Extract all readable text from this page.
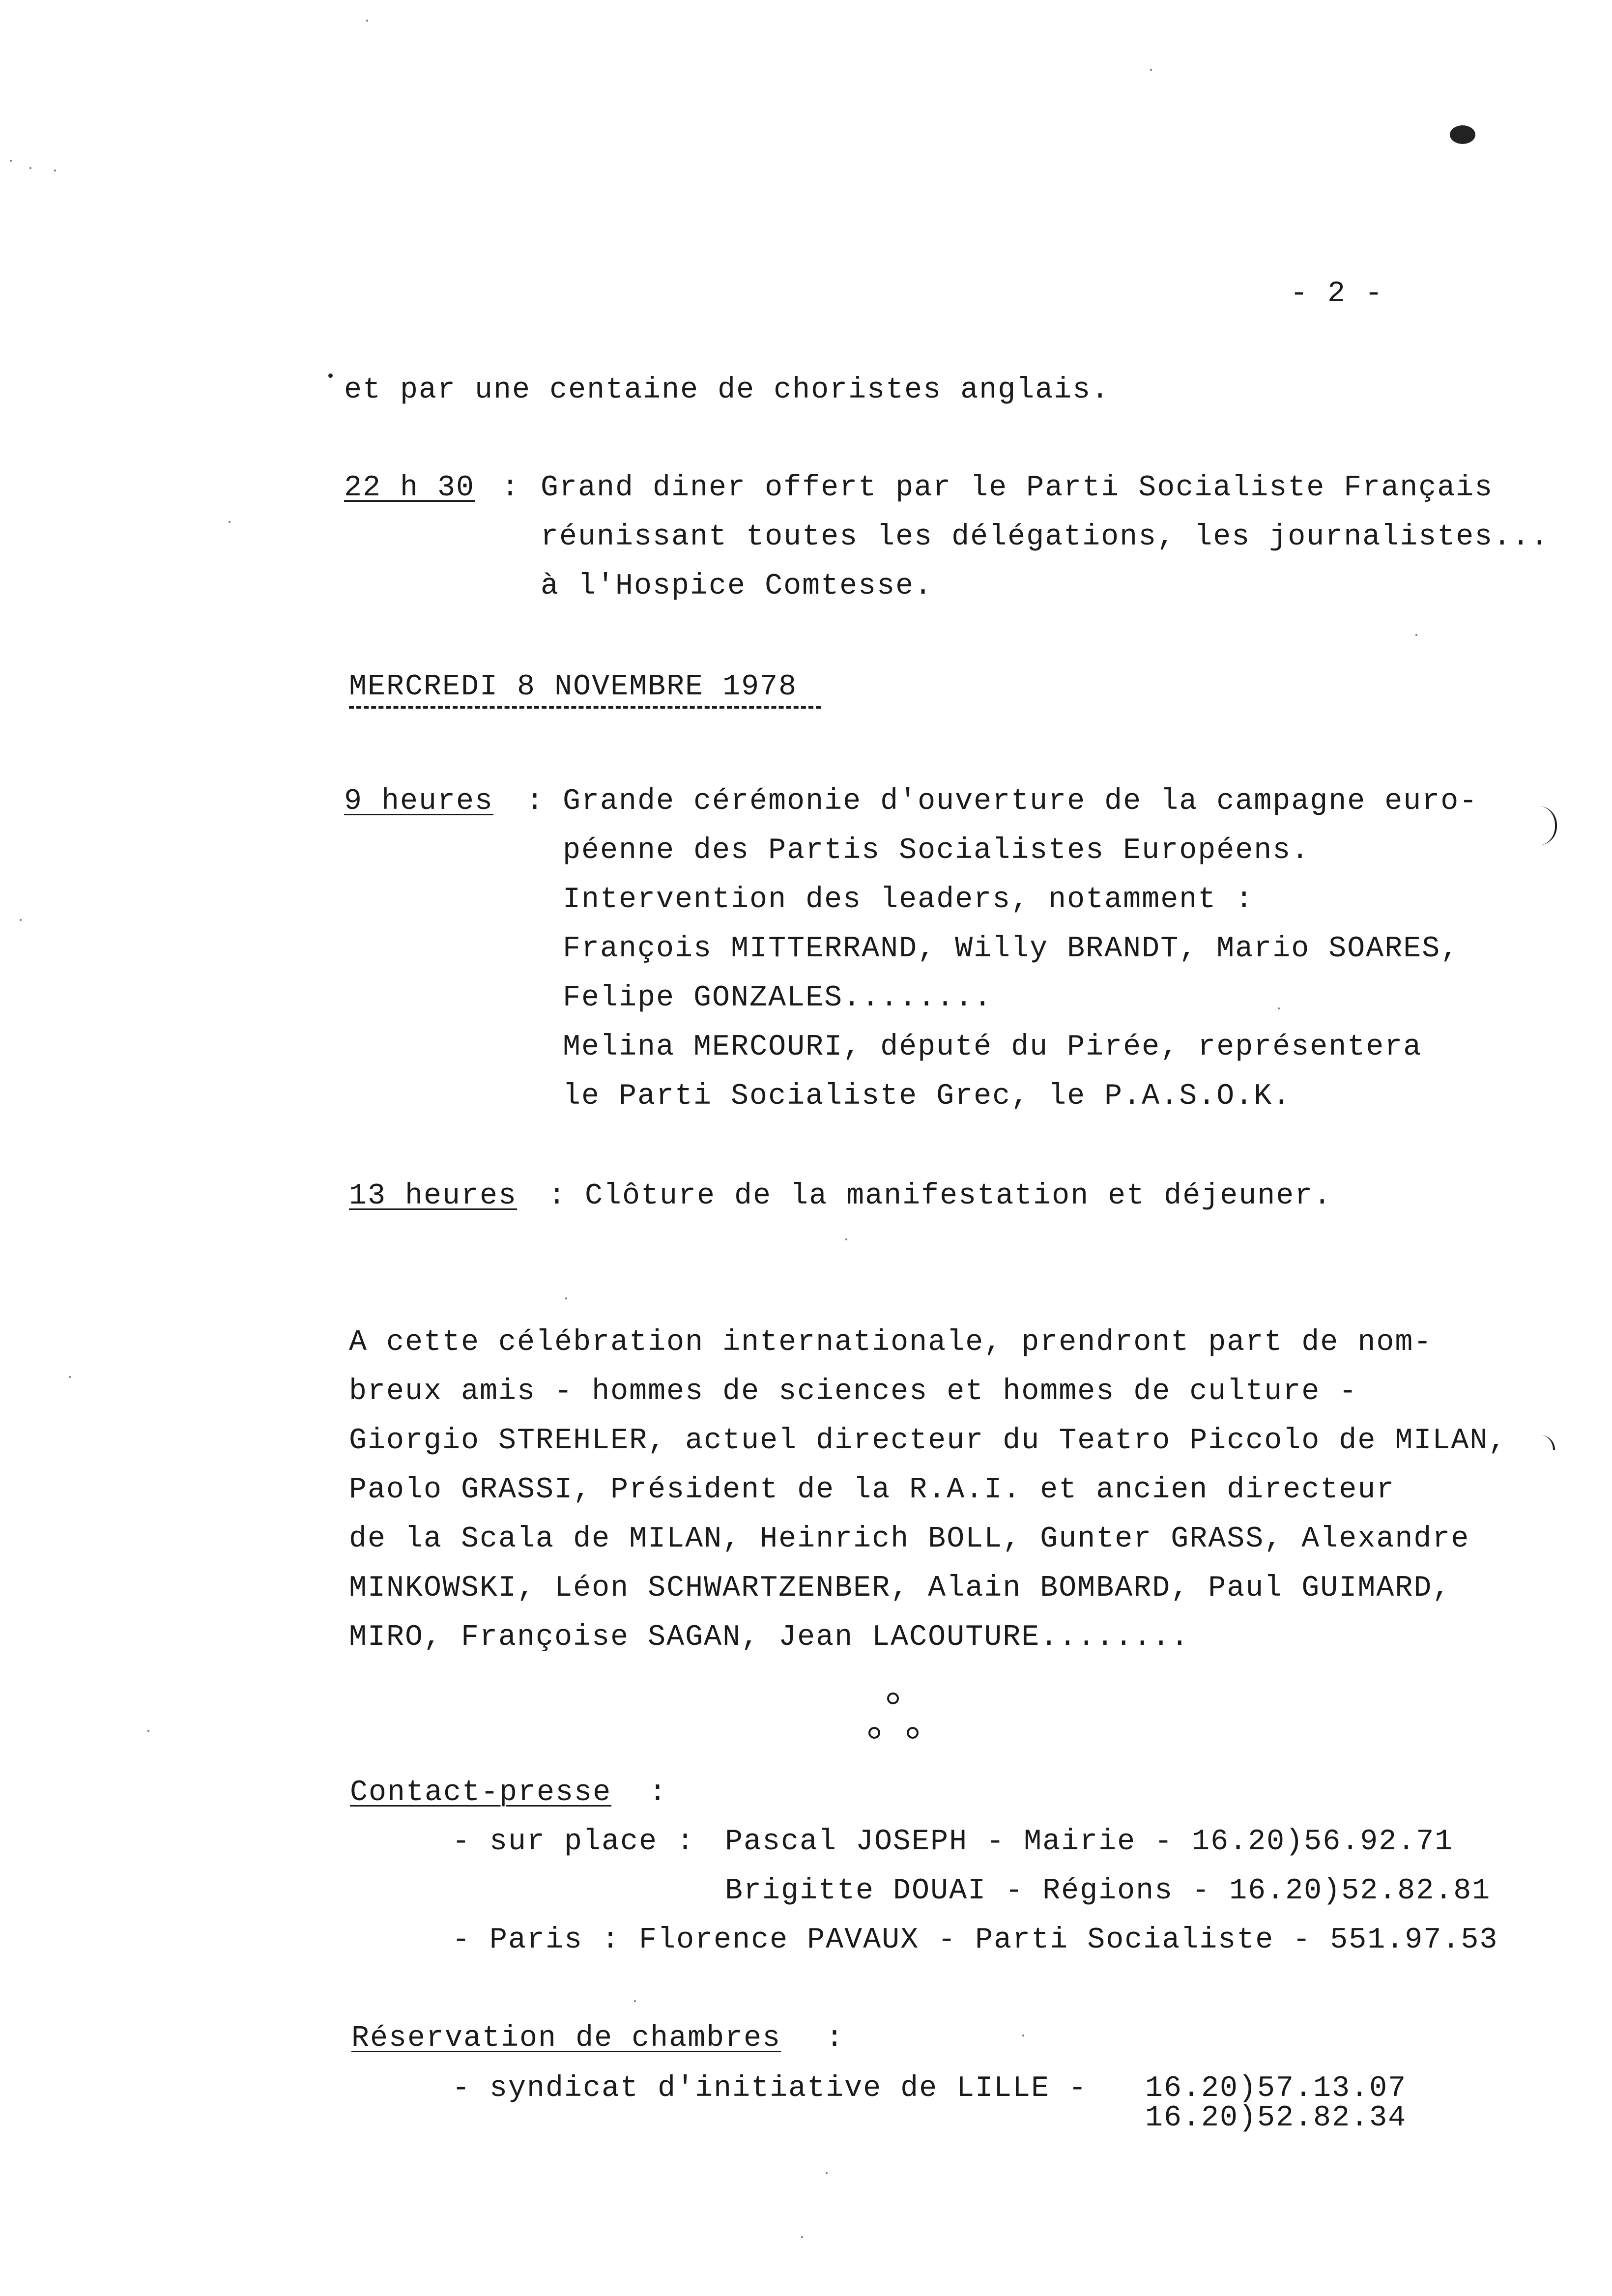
- 2 -
et par une centaine de choristes anglais.
22 h 30 : Grand diner offert par le Parti Socialiste Français
réunissant toutes les délégations, les journalistes...
à l'Hospice Comtesse.
MERCREDI 8 NOVEMBRE 1978
9 heures : Grande cérémonie d'ouverture de la campagne euro-
péenne des Partis Socialistes Européens.
Intervention des leaders, notamment :
François MITTERRAND, Willy BRANDT, Mario SOARES,
Felipe GONZALES........
Melina MERCOURI, député du Pirée, représentera
le Parti Socialiste Grec, le P.A.S.O.K.
13 heures : Clôture de la manifestation et déjeuner.
A cette célébration internationale, prendront part de nom-
breux amis - hommes de sciences et hommes de culture -
Giorgio STREHLER, actuel directeur du Teatro Piccolo de MILAN,
Paolo GRASSI, Président de la R.A.I. et ancien directeur
de la Scala de MILAN, Heinrich BOLL, Gunter GRASS, Alexandre
MINKOWSKI, Léon SCHWARTZENBER, Alain BOMBARD, Paul GUIMARD,
MIRO, Françoise SAGAN, Jean LACOUTURE........
Contact-presse :
- sur place : Pascal JOSEPH - Mairie - 16.20)56.92.71
Brigitte DOUAI - Régions - 16.20)52.82.81
- Paris : Florence PAVAUX - Parti Socialiste - 551.97.53
Réservation de chambres :
- syndicat d'initiative de LILLE - 16.20)57.13.07
16.20)52.82.34
